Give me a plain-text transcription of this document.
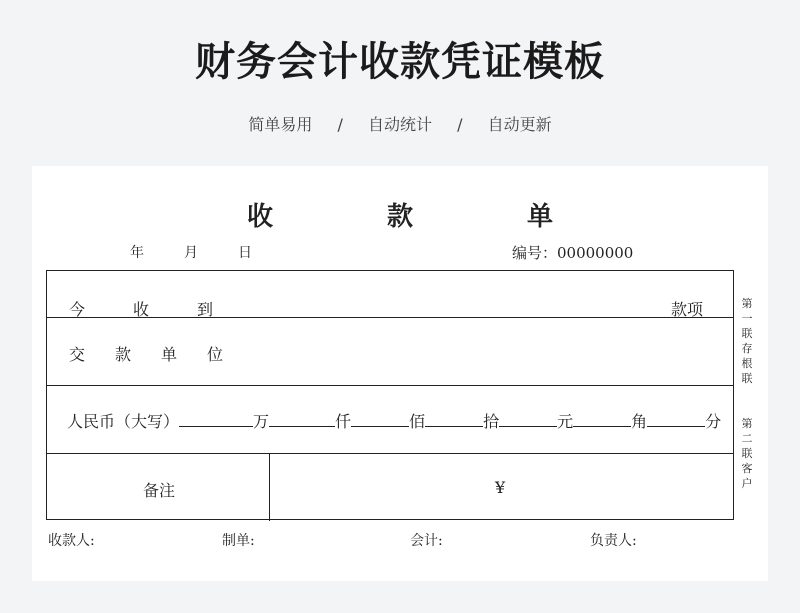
财务会计收款凭证模板
简单易用 / 自动统计 / 自动更新
收　款　单
年	月	日	编号：00000000
今	收	到	款项
交 款 单 位
人民币（大写）	万	仟	佰	拾	元	角	分
备注	¥
第一联存根联
第二联客户
收款人:	制单:	会计:	负责人:
